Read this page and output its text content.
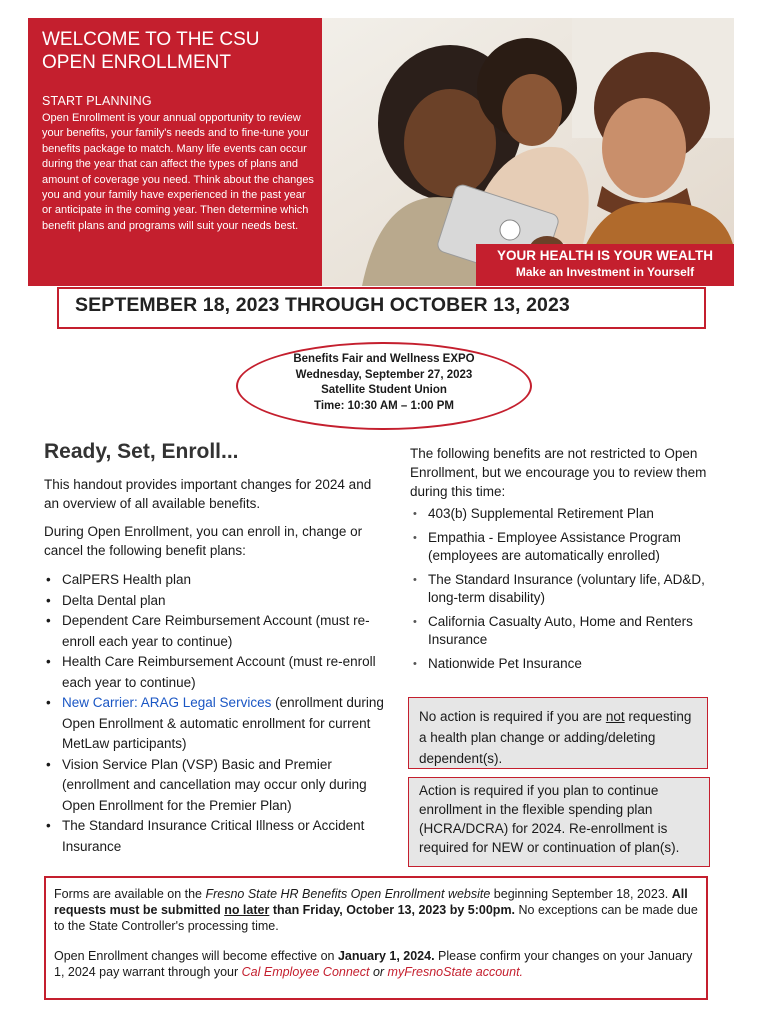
WELCOME TO THE CSU
OPEN ENROLLMENT
START PLANNING
Open Enrollment is your annual opportunity to review your benefits, your family's needs and to fine-tune your benefits package to match. Many life events can occur during the year that can affect the types of plans and amount of coverage you need. Think about the changes you and your family have experienced in the past year or anticipate in the coming year. Then determine which benefit plans and programs will suit your needs best.
YOUR HEALTH IS YOUR WEALTH
Make an Investment in Yourself
SEPTEMBER 18, 2023 THROUGH OCTOBER 13, 2023
Benefits Fair and Wellness EXPO
Wednesday, September 27, 2023
Satellite Student Union
Time: 10:30 AM – 1:00 PM
Ready, Set, Enroll...
This handout provides important changes for 2024 and an overview of all available benefits.
During Open Enrollment, you can enroll in, change or cancel the following benefit plans:
• CalPERS Health plan
• Delta Dental plan
• Dependent Care Reimbursement Account (must re-enroll each year to continue)
• Health Care Reimbursement Account (must re-enroll each year to continue)
• New Carrier: ARAG Legal Services (enrollment during Open Enrollment & automatic enrollment for current MetLaw participants)
• Vision Service Plan (VSP) Basic and Premier (enrollment and cancellation may occur only during Open Enrollment for the Premier Plan)
• The Standard Insurance Critical Illness or Accident Insurance
The following benefits are not restricted to Open Enrollment, but we encourage you to review them during this time:
• 403(b) Supplemental Retirement Plan
• Empathia - Employee Assistance Program (employees are automatically enrolled)
• The Standard Insurance (voluntary life, AD&D, long-term disability)
• California Casualty Auto, Home and Renters Insurance
• Nationwide Pet Insurance
No action is required if you are not requesting a health plan change or adding/deleting dependent(s).
Action is required if you plan to continue enrollment in the flexible spending plan (HCRA/DCRA) for 2024. Re-enrollment is required for NEW or continuation of plan(s).
Forms are available on the Fresno State HR Benefits Open Enrollment website beginning September 18, 2023. All requests must be submitted no later than Friday, October 13, 2023 by 5:00pm. No exceptions can be made due to the State Controller's processing time.
Open Enrollment changes will become effective on January 1, 2024. Please confirm your changes on your January 1, 2024 pay warrant through your Cal Employee Connect or myFresnoState account.
